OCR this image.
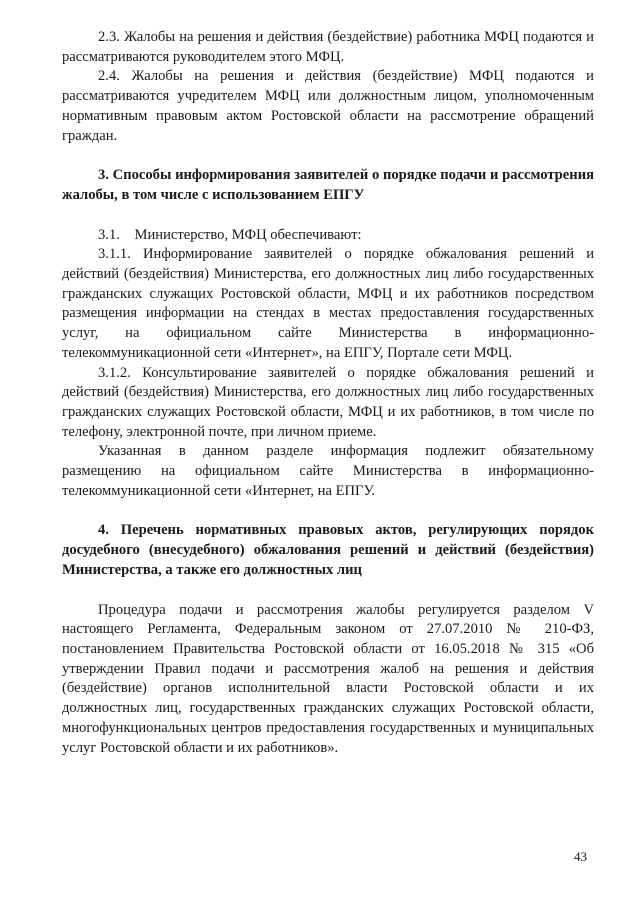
2.3. Жалобы на решения и действия (бездействие) работника МФЦ подаются и рассматриваются руководителем этого МФЦ.

2.4. Жалобы на решения и действия (бездействие) МФЦ подаются и рассматриваются учредителем МФЦ или должностным лицом, уполномоченным нормативным правовым актом Ростовской области на рассмотрение обращений граждан.

3. Способы информирования заявителей о порядке подачи и рассмотрения жалобы, в том числе с использованием ЕПГУ

3.1.    Министерство, МФЦ обеспечивают:

3.1.1. Информирование заявителей о порядке обжалования решений и действий (бездействия) Министерства, его должностных лиц либо государственных гражданских служащих Ростовской области, МФЦ и их работников посредством размещения информации на стендах в местах предоставления государственных услуг, на официальном сайте Министерства в информационно-телекоммуникационной сети «Интернет», на ЕПГУ, Портале сети МФЦ.

3.1.2. Консультирование заявителей о порядке обжалования решений и действий (бездействия) Министерства, его должностных лиц либо государственных гражданских служащих Ростовской области, МФЦ и их работников, в том числе по телефону, электронной почте, при личном приеме.

Указанная в данном разделе информация подлежит обязательному размещению на официальном сайте Министерства в информационно-телекоммуникационной сети «Интернет, на ЕПГУ.

4. Перечень нормативных правовых актов, регулирующих порядок досудебного (внесудебного) обжалования решений и действий (бездействия) Министерства, а также его должностных лиц

Процедура подачи и рассмотрения жалобы регулируется разделом V настоящего Регламента, Федеральным законом от 27.07.2010 № 210-ФЗ, постановлением Правительства Ростовской области от 16.05.2018 № 315 «Об утверждении Правил подачи и рассмотрения жалоб на решения и действия (бездействие) органов исполнительной власти Ростовской области и их должностных лиц, государственных гражданских служащих Ростовской области, многофункциональных центров предоставления государственных и муниципальных услуг Ростовской области и их работников».

43
